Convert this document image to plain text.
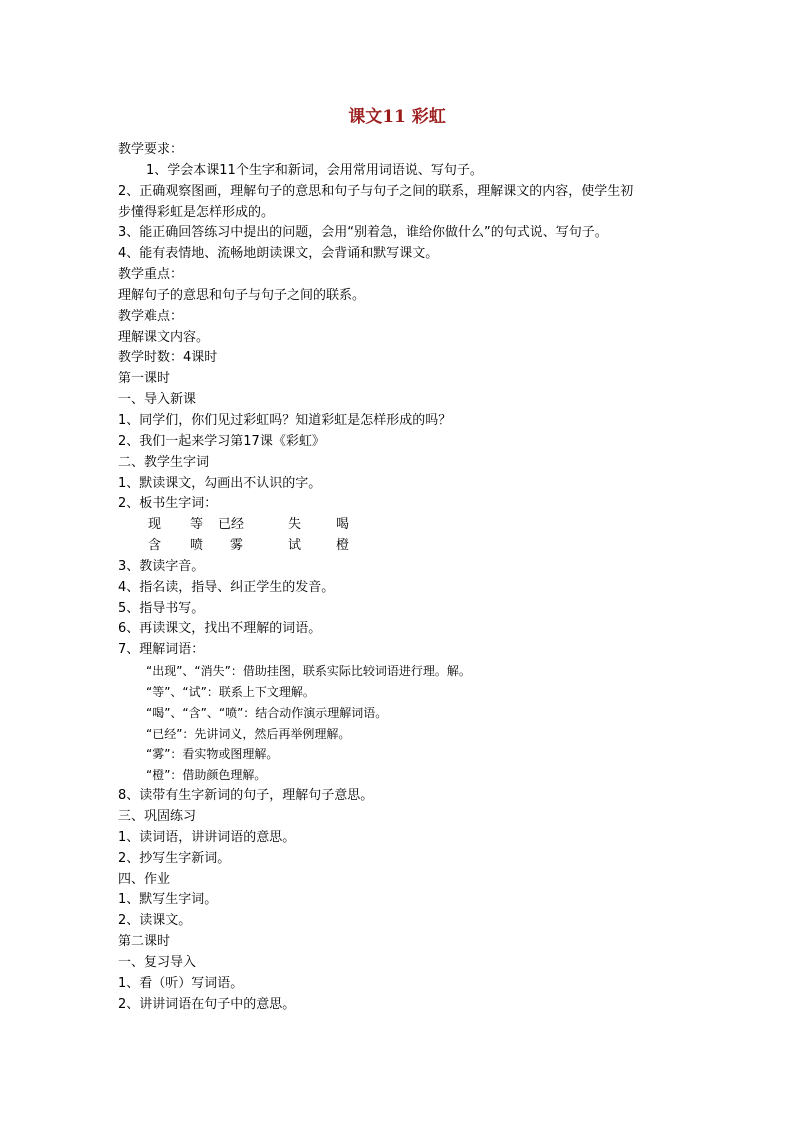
课文11 彩虹
教学要求：
1、学会本课11个生字和新词，会用常用词语说、写句子。
2、正确观察图画，理解句子的意思和句子与句子之间的联系，理解课文的内容，使学生初
步懂得彩虹是怎样形成的。
3、能正确回答练习中提出的问题，会用“别着急，谁给你做什么”的句式说、写句子。
4、能有表情地、流畅地朗读课文，会背诵和默写课文。
教学重点：
理解句子的意思和句子与句子之间的联系。
教学难点：
理解课文内容。
教学时数：4课时
第一课时
一、导入新课
1、同学们，你们见过彩虹吗？知道彩虹是怎样形成的吗？
2、我们一起来学习第17课《彩虹》
二、教学生字词
1、默读课文，勾画出不认识的字。
2、板书生字词：
现 等 已经	失	喝
含 喷 雾	试	橙
3、教读字音。
4、指名读，指导、纠正学生的发音。
5、指导书写。
6、再读课文，找出不理解的词语。
7、理解词语：
“出现”、“消失”：借助挂图，联系实际比较词语进行理。解。
“等”、“试”：联系上下文理解。
“喝”、“含”、“喷”：结合动作演示理解词语。
“已经”：先讲词义，然后再举例理解。
“雾”：看实物或图理解。
“橙”：借助颜色理解。
8、读带有生字新词的句子，理解句子意思。
三、巩固练习
1、读词语，讲讲词语的意思。
2、抄写生字新词。
四、作业
1、默写生字词。
2、读课文。
第二课时
一、复习导入
1、看（听）写词语。
2、讲讲词语在句子中的意思。
